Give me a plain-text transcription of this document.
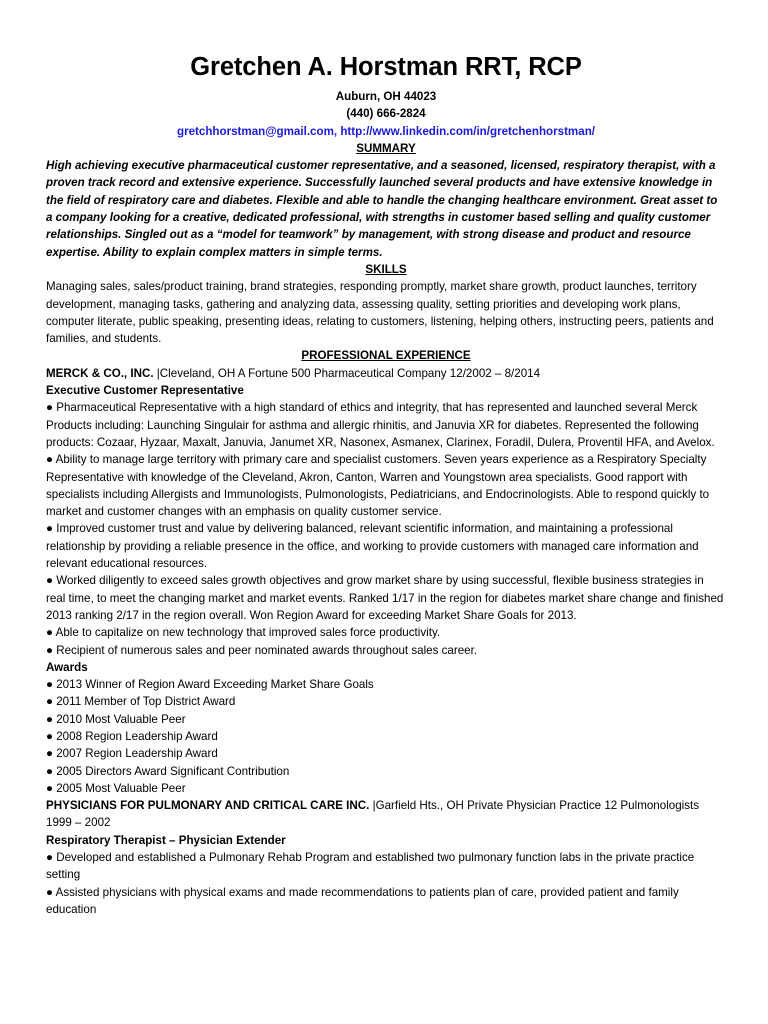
Gretchen A. Horstman RRT, RCP
Auburn, OH 44023
(440) 666-2824
gretchhorstman@gmail.com, http://www.linkedin.com/in/gretchenhorstman/
SUMMARY

High achieving executive pharmaceutical customer representative, and a seasoned, licensed, respiratory therapist, with a proven track record and extensive experience. Successfully launched several products and have extensive knowledge in the field of respiratory care and diabetes. Flexible and able to handle the changing healthcare environment. Great asset to a company looking for a creative, dedicated professional, with strengths in customer based selling and quality customer relationships. Singled out as a “model for teamwork” by management, with strong disease and product and resource expertise. Ability to explain complex matters in simple terms.

SKILLS

Managing sales, sales/product training, brand strategies, responding promptly, market share growth, product launches, territory development, managing tasks, gathering and analyzing data, assessing quality, setting priorities and developing work plans, computer literate, public speaking, presenting ideas, relating to customers, listening, helping others, instructing peers, patients and families, and students.

PROFESSIONAL EXPERIENCE

MERCK & CO., INC. |Cleveland, OH A Fortune 500 Pharmaceutical Company 12/2002 – 8/2014

Executive Customer Representative

● Pharmaceutical Representative with a high standard of ethics and integrity, that has represented and launched several Merck Products including: Launching Singulair for asthma and allergic rhinitis, and Januvia XR for diabetes. Represented the following products: Cozaar, Hyzaar, Maxalt, Januvia, Janumet XR, Nasonex, Asmanex, Clarinex, Foradil, Dulera, Proventil HFA, and Avelox.

● Ability to manage large territory with primary care and specialist customers. Seven years experience as a Respiratory Specialty Representative with knowledge of the Cleveland, Akron, Canton, Warren and Youngstown area specialists. Good rapport with specialists including Allergists and Immunologists, Pulmonologists, Pediatricians, and Endocrinologists. Able to respond quickly to market and customer changes with an emphasis on quality customer service.

● Improved customer trust and value by delivering balanced, relevant scientific information, and maintaining a professional relationship by providing a reliable presence in the office, and working to provide customers with managed care information and relevant educational resources.

● Worked diligently to exceed sales growth objectives and grow market share by using successful, flexible business strategies in real time, to meet the changing market and market events. Ranked 1/17 in the region for diabetes market share change and finished 2013 ranking 2/17 in the region overall. Won Region Award for exceeding Market Share Goals for 2013.

● Able to capitalize on new technology that improved sales force productivity.

● Recipient of numerous sales and peer nominated awards throughout sales career.

Awards

● 2013 Winner of Region Award Exceeding Market Share Goals

● 2011 Member of Top District Award

● 2010 Most Valuable Peer

● 2008 Region Leadership Award

● 2007 Region Leadership Award

● 2005 Directors Award Significant Contribution

● 2005 Most Valuable Peer

PHYSICIANS FOR PULMONARY AND CRITICAL CARE INC. |Garfield Hts., OH Private Physician Practice 12 Pulmonologists 1999 – 2002

Respiratory Therapist – Physician Extender

● Developed and established a Pulmonary Rehab Program and established two pulmonary function labs in the private practice setting

● Assisted physicians with physical exams and made recommendations to patients plan of care, provided patient and family education
